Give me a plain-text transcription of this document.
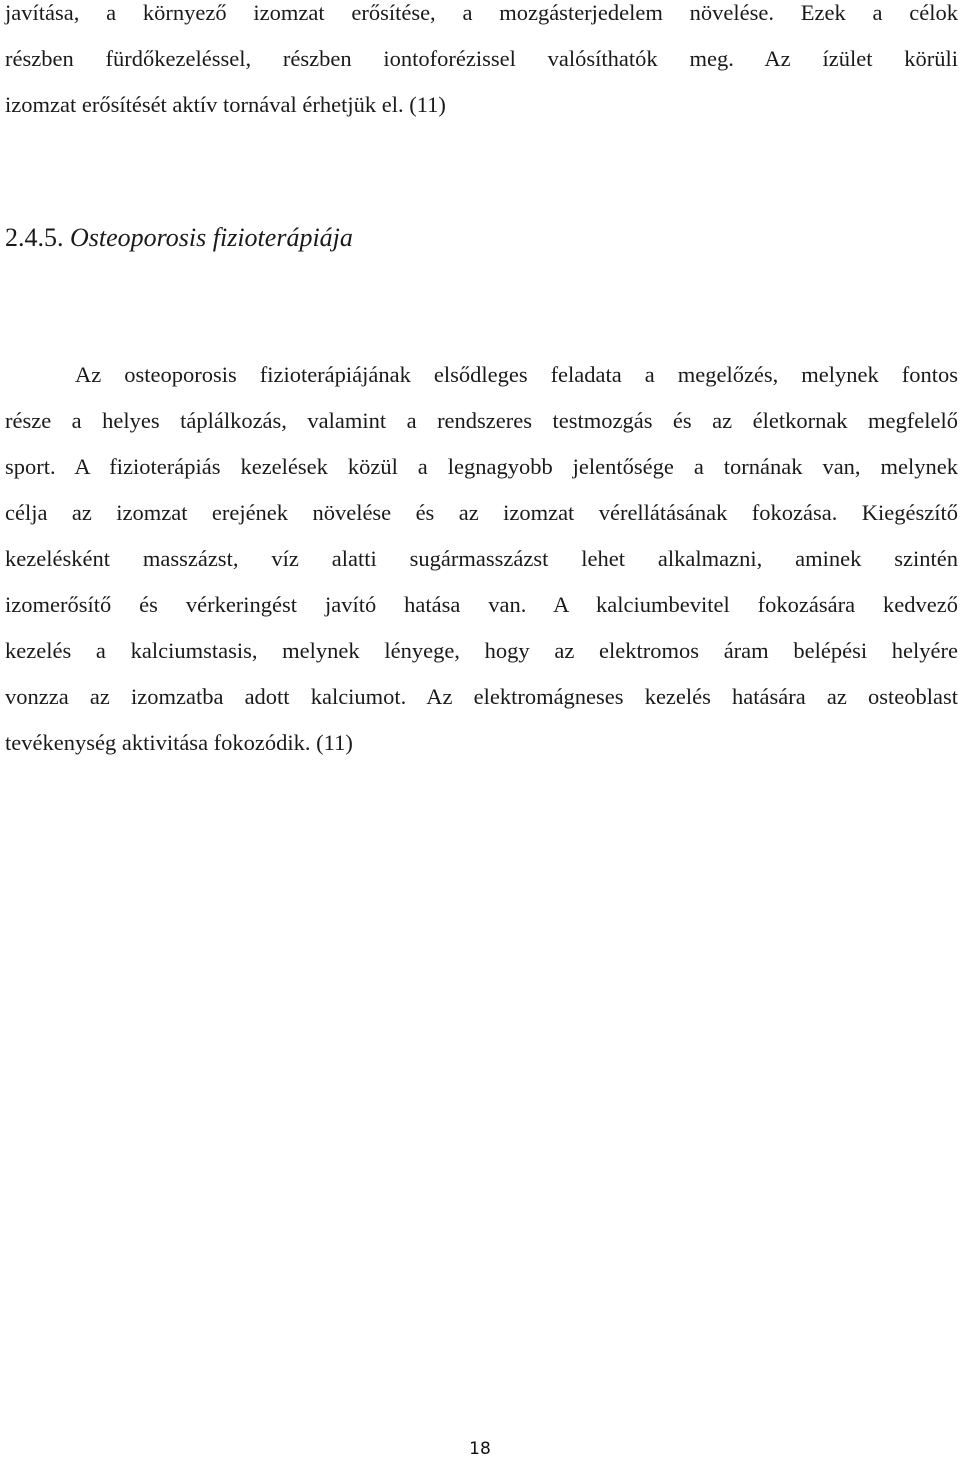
javítása, a környező izomzat erősítése, a mozgásterjedelem növelése. Ezek a célok
részben fürdőkezeléssel, részben iontoforézissel valósíthatók meg. Az ízület körüli
izomzat erősítését aktív tornával érhetjük el. (11)
2.4.5. Osteoporosis fizioterápiája
Az osteoporosis fizioterápiájának elsődleges feladata a megelőzés, melynek fontos
része a helyes táplálkozás, valamint a rendszeres testmozgás és az életkornak megfelelő
sport. A fizioterápiás kezelések közül a legnagyobb jelentősége a tornának van, melynek
célja az izomzat erejének növelése és az izomzat vérellátásának fokozása. Kiegészítő
kezelésként masszázst, víz alatti sugármasszázst lehet alkalmazni, aminek szintén
izomerősítő és vérkeringést javító hatása van. A kalciumbevitel fokozására kedvező
kezelés a kalciumstasis, melynek lényege, hogy az elektromos áram belépési helyére
vonzza az izomzatba adott kalciumot. Az elektromágneses kezelés hatására az osteoblast
tevékenység aktivitása fokozódik. (11)
18
